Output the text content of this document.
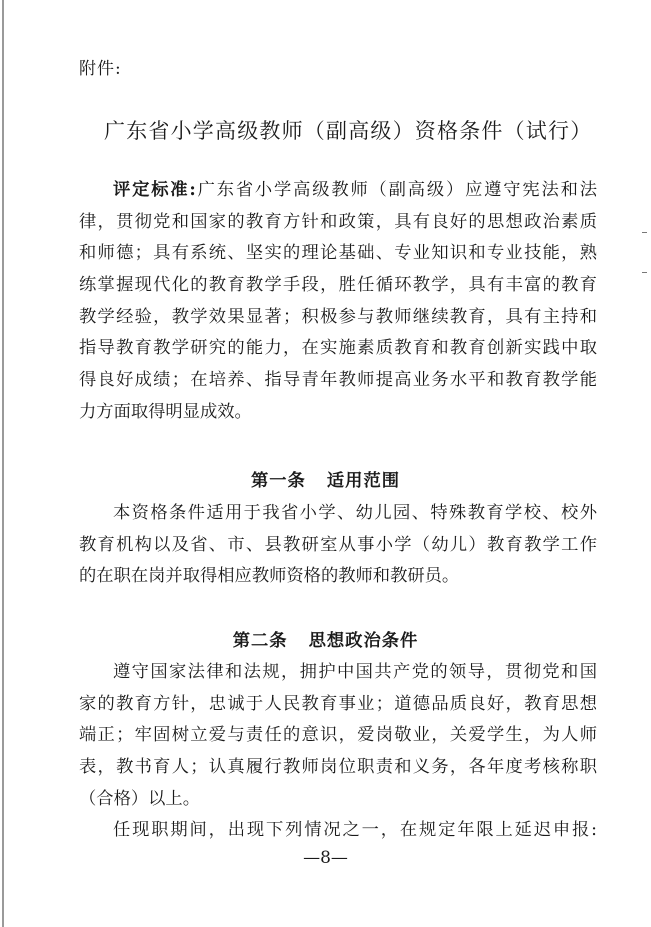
附件:
广东省小学高级教师（副高级）资格条件（试行）
评定标准:广东省小学高级教师（副高级）应遵守宪法和法
律，贯彻党和国家的教育方针和政策，具有良好的思想政治素质
和师德；具有系统、坚实的理论基础、专业知识和专业技能，熟
练掌握现代化的教育教学手段，胜任循环教学，具有丰富的教育
教学经验，教学效果显著；积极参与教师继续教育，具有主持和
指导教育教学研究的能力，在实施素质教育和教育创新实践中取
得良好成绩；在培养、指导青年教师提高业务水平和教育教学能
力方面取得明显成效。
第一条   适用范围
本资格条件适用于我省小学、幼儿园、特殊教育学校、校外
教育机构以及省、市、县教研室从事小学（幼儿）教育教学工作
的在职在岗并取得相应教师资格的教师和教研员。
第二条   思想政治条件
遵守国家法律和法规，拥护中国共产党的领导，贯彻党和国
家的教育方针，忠诚于人民教育事业；道德品质良好，教育思想
端正；牢固树立爱与责任的意识，爱岗敬业，关爱学生，为人师
表，教书育人；认真履行教师岗位职责和义务，各年度考核称职
（合格）以上。
任现职期间，出现下列情况之一，在规定年限上延迟申报:
—8—
